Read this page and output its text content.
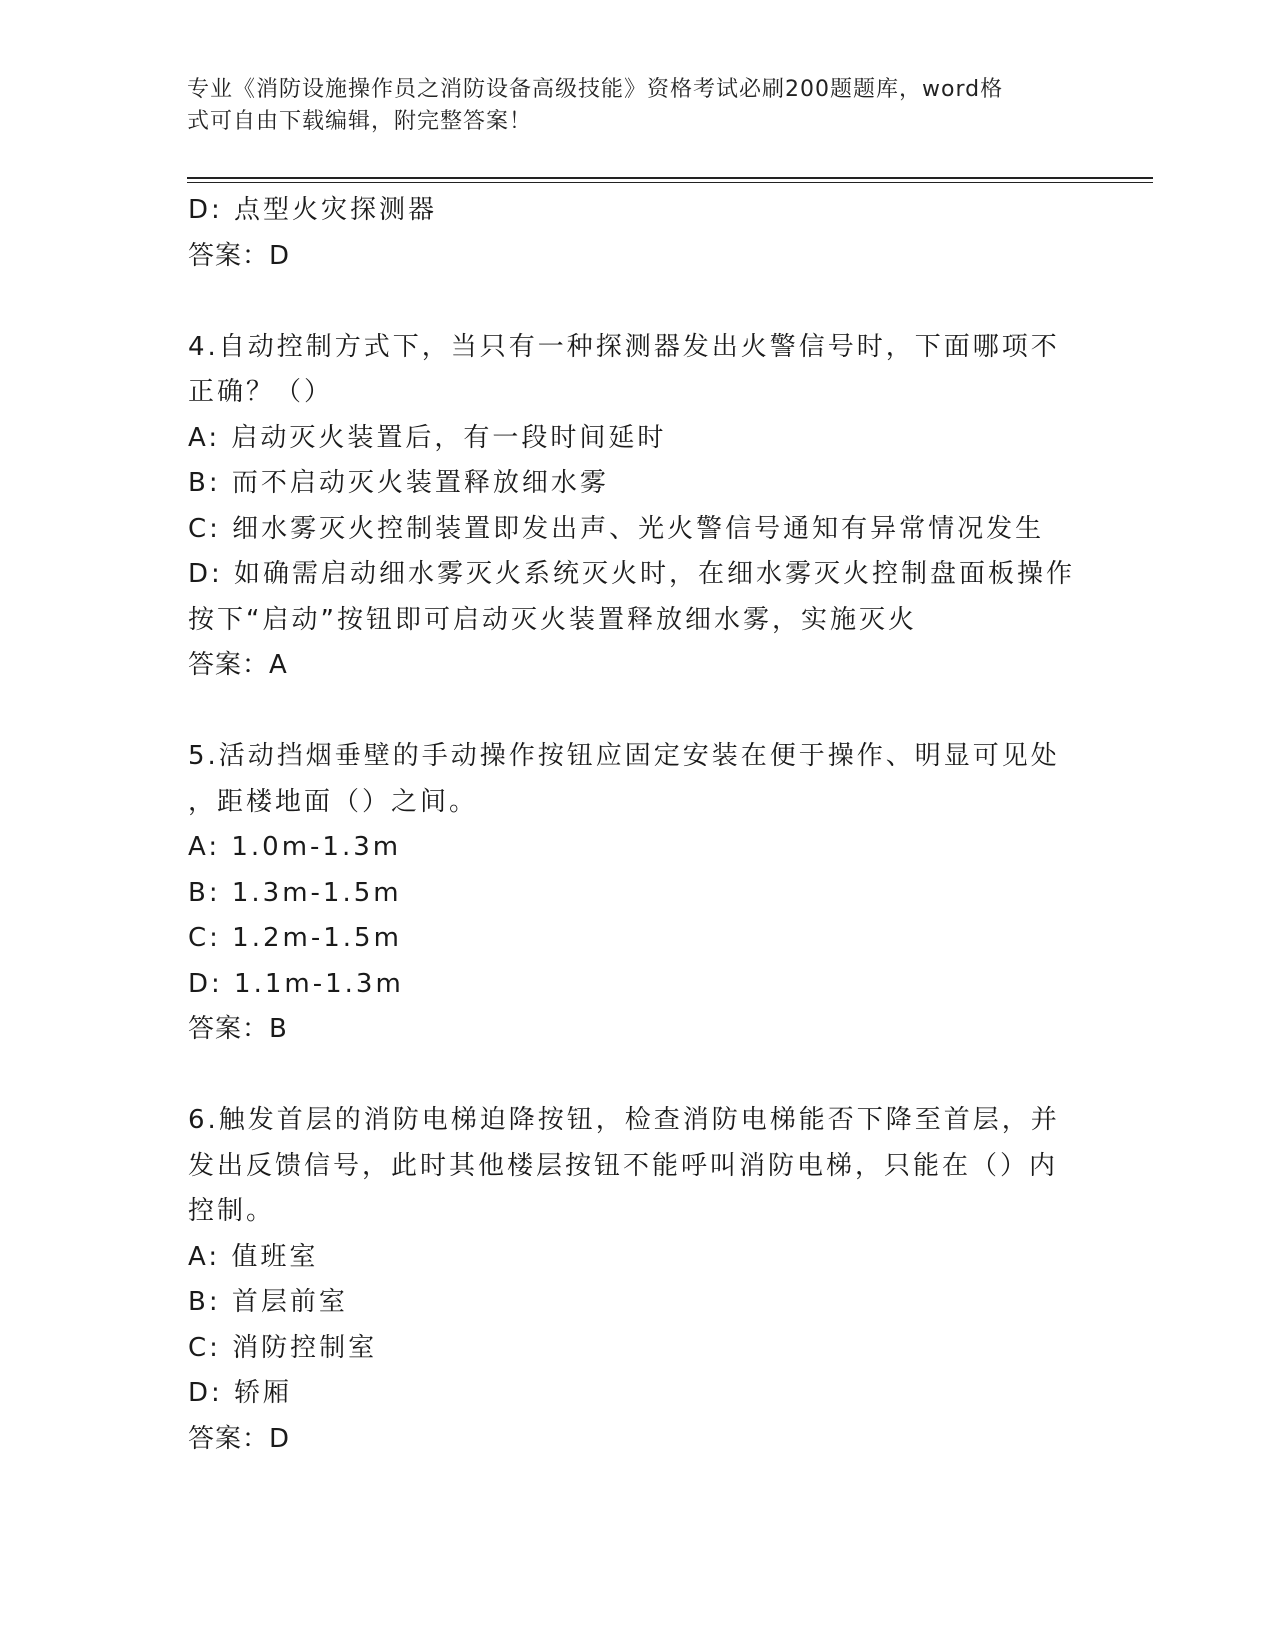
专业《消防设施操作员之消防设备高级技能》资格考试必刷200题题库，word格
式可自由下载编辑，附完整答案！
D: 点型火灾探测器
答案：D
4.自动控制方式下，当只有一种探测器发出火警信号时，下面哪项不
正确？（）
A: 启动灭火装置后，有一段时间延时
B: 而不启动灭火装置释放细水雾
C: 细水雾灭火控制装置即发出声、光火警信号通知有异常情况发生
D: 如确需启动细水雾灭火系统灭火时，在细水雾灭火控制盘面板操作
按下“启动”按钮即可启动灭火装置释放细水雾，实施灭火
答案：A
5.活动挡烟垂壁的手动操作按钮应固定安装在便于操作、明显可见处
，距楼地面（）之间。
A: 1.0m-1.3m
B: 1.3m-1.5m
C: 1.2m-1.5m
D: 1.1m-1.3m
答案：B
6.触发首层的消防电梯迫降按钮，检查消防电梯能否下降至首层，并
发出反馈信号，此时其他楼层按钮不能呼叫消防电梯，只能在（）内
控制。
A: 值班室
B: 首层前室
C: 消防控制室
D: 轿厢
答案：D
